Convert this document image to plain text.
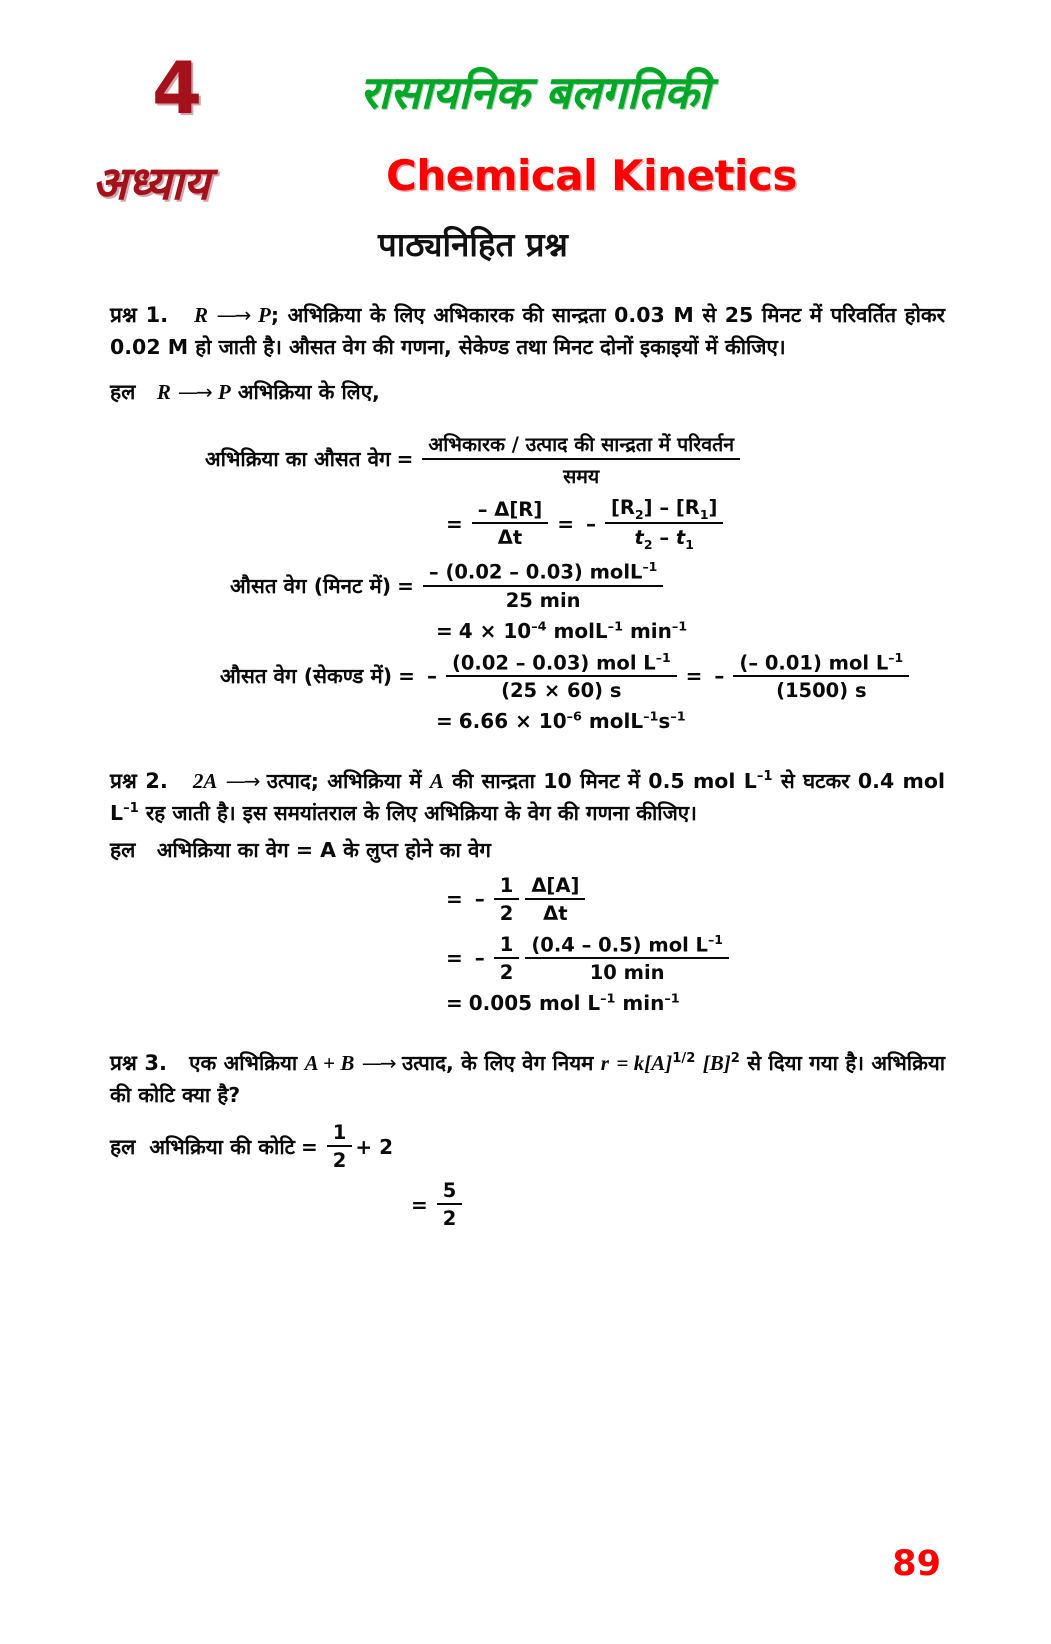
4
अध्याय
रासायनिक बलगतिकी
Chemical Kinetics
पाठ्यनिहित प्रश्न
प्रश्न 1. R —→ P; अभिक्रिया के लिए अभिकारक की सान्द्रता 0.03 M से 25 मिनट में परिवर्तित होकर 0.02 M हो जाती है। औसत वेग की गणना, सेकेण्ड तथा मिनट दोनों इकाइयों में कीजिए।
हल R —→ P अभिक्रिया के लिए,
अभिक्रिया का औसत वेग = $\frac{\text{अभिकारक / उत्पाद की सान्द्रता में परिवर्तन}}{\text{समय}}$
= $\frac{- \Delta[R]}{\Delta t}$ = – $\frac{[R_2] - [R_1]}{t_2 - t_1}$
औसत वेग (मिनट में) = $\frac{- (0.02 - 0.03) molL^{-1}}{25 \min}$
= $4 \times 10^{-4}$ molL$^{-1}$ $\min^{-1}$
औसत वेग (सेकण्ड में) = – $\frac{(0.02 - 0.03) mol L^{-1}}{(25 \times 60) s}$ = – $\frac{(- 0.01) mol L^{-1}}{(1500) s}$
= $6.66 \times 10^{-6}$ $molL^{-1}s^{-1}$
प्रश्न 2. 2A —→ उत्पाद; अभिक्रिया में A की सान्द्रता 10 मिनट में 0.5 mol $L^{-1}$ से घटकर 0.4 mol $L^{-1}$ रह जाती है। इस समयांतराल के लिए अभिक्रिया के वेग की गणना कीजिए।
हल अभिक्रिया का वेग = A के लुप्त होने का वेग
= – $\frac{1}{2} \frac{\Delta[A]}{\Delta t}$
= – $\frac{1}{2} \frac{(0.4 - 0.5) mol L^{-1}}{10 \min}$
= 0.005 mol $L^{-1}$ $\min^{-1}$
प्रश्न 3. एक अभिक्रिया A + B —→ उत्पाद, के लिए वेग नियम $r = k[A]^{1/2}$ $[B]^2$ से दिया गया है। अभिक्रिया की कोटि क्या है?
हल
अभिक्रिया की कोटि = $\frac{1}{2} + 2$
= $\frac{5}{2}$
89
